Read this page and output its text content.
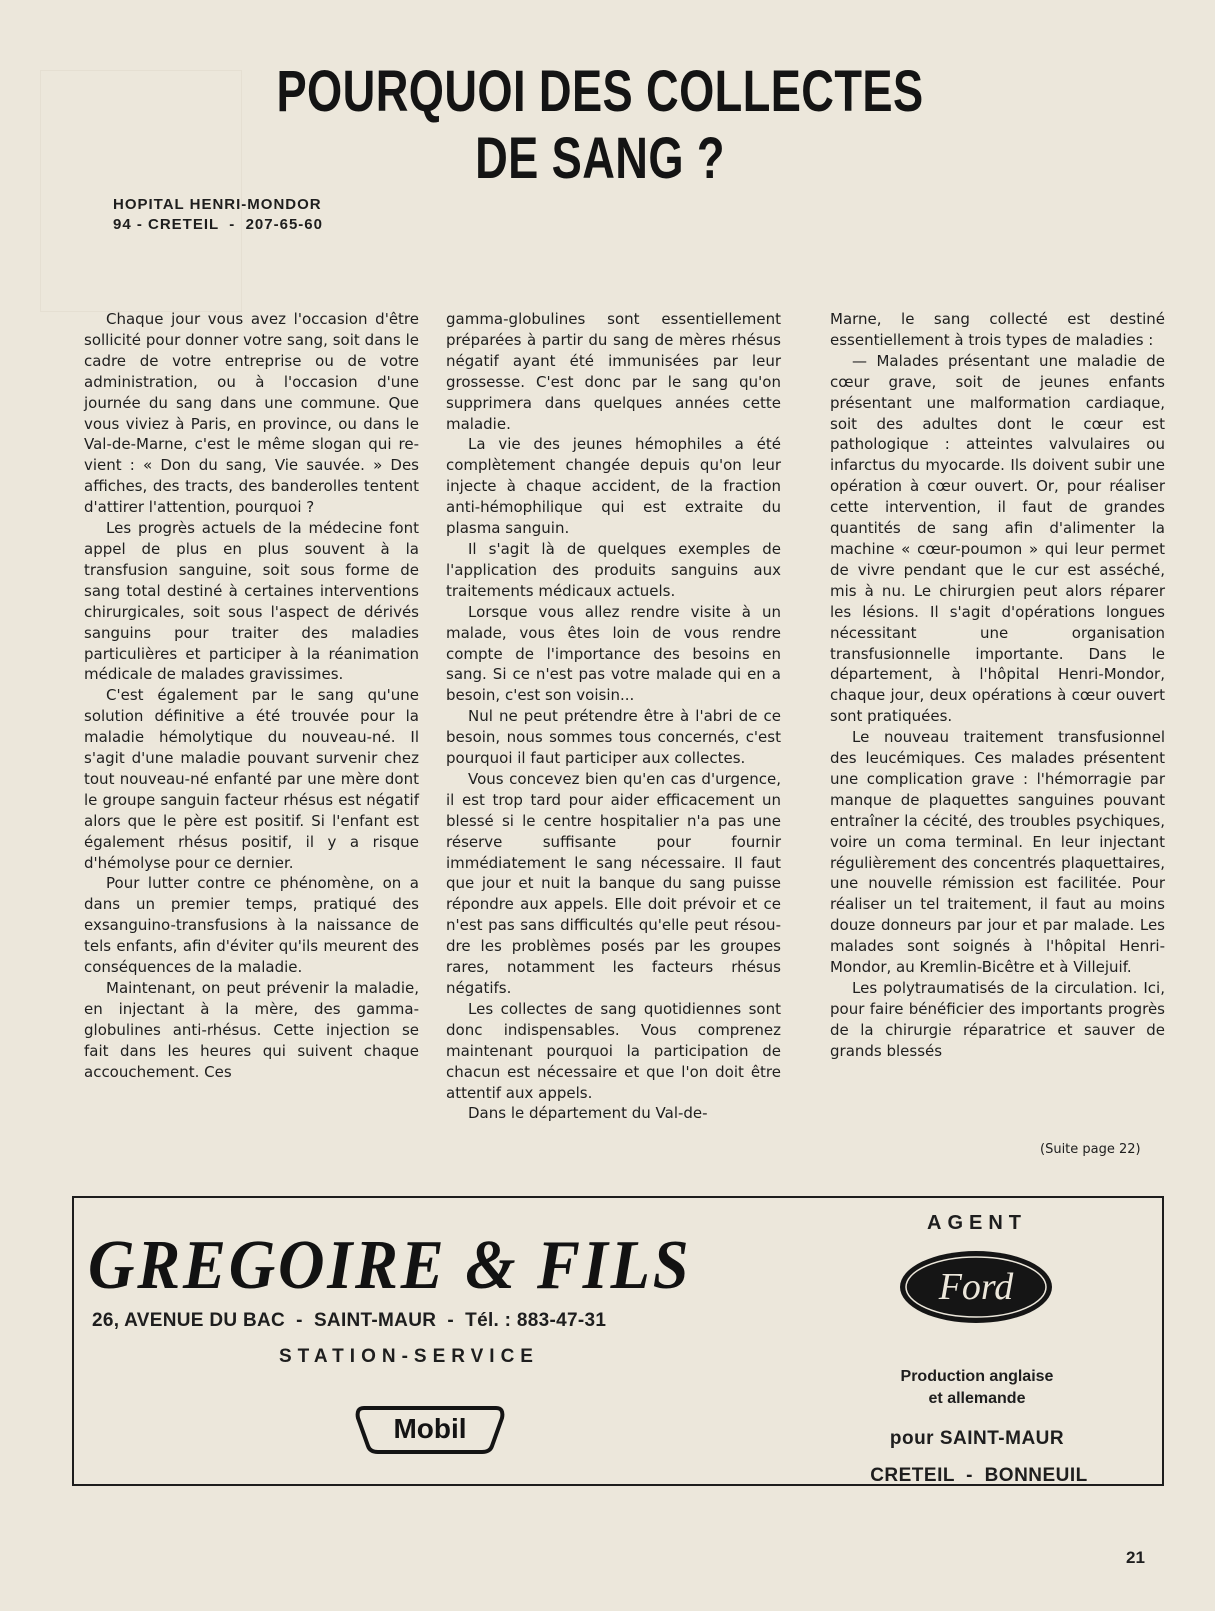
POURQUOI DES COLLECTES DE SANG ?
HOPITAL HENRI-MONDOR
94 - CRETEIL  -  207-65-60

Chaque jour vous avez l'occasion d'être sollicité pour donner votre sang, soit dans le cadre de votre entreprise ou de votre administration, ou à l'occasion d'une journée du sang dans une commune. Que vous viviez à Paris, en province, ou dans le Val-de-Marne, c'est le même slogan qui revient : « Don du sang, Vie sauvée. » Des affiches, des tracts, des banderolles tentent d'attirer l'attention, pourquoi ?

Les progrès actuels de la médecine font appel de plus en plus souvent à la transfusion sanguine, soit sous forme de sang total destiné à certaines interventions chirurgicales, soit sous l'aspect de dérivés sanguins pour traiter des maladies particulières et participer à la réanimation médicale de malades gravissimes.

C'est également par le sang qu'une solution définitive a été trouvée pour la maladie hémolytique du nouveau-né. Il s'agit d'une maladie pouvant survenir chez tout nouveau-né enfanté par une mère dont le groupe sanguin facteur rhésus est négatif alors que le père est positif. Si l'enfant est également rhésus positif, il y a risque d'hémolyse pour ce dernier.

Pour lutter contre ce phénomène, on a dans un premier temps, pratiqué des exsanguino-transfusions à la naissance de tels enfants, afin d'éviter qu'ils meurent des conséquences de la maladie.

Maintenant, on peut prévenir la maladie, en injectant à la mère, des gamma-globulines anti-rhésus. Cette injection se fait dans les heures qui suivent chaque accouchement. Ces

gamma-globulines sont essentiellement préparées à partir du sang de mères rhésus négatif ayant été immunisées par leur grossesse. C'est donc par le sang qu'on supprimera dans quelques années cette maladie.

La vie des jeunes hémophiles a été complètement changée depuis qu'on leur injecte à chaque accident, de la fraction anti-hémophilique qui est extraite du plasma sanguin.

Il s'agit là de quelques exemples de l'application des produits sanguins aux traitements médicaux actuels.

Lorsque vous allez rendre visite à un malade, vous êtes loin de vous rendre compte de l'importance des besoins en sang. Si ce n'est pas votre malade qui en a besoin, c'est son voisin...

Nul ne peut prétendre être à l'abri de ce besoin, nous sommes tous concernés, c'est pourquoi il faut participer aux collectes.

Vous concevez bien qu'en cas d'urgence, il est trop tard pour aider efficacement un blessé si le centre hospitalier n'a pas une réserve suffisante pour fournir immédiatement le sang nécessaire. Il faut que jour et nuit la banque du sang puisse répondre aux appels. Elle doit prévoir et ce n'est pas sans difficultés qu'elle peut résoudre les problèmes posés par les groupes rares, notamment les facteurs rhésus négatifs.

Les collectes de sang quotidiennes sont donc indispensables. Vous comprenez maintenant pourquoi la participation de chacun est nécessaire et que l'on doit être attentif aux appels.

Dans le département du Val-de-

Marne, le sang collecté est destiné essentiellement à trois types de maladies :

— Malades présentant une maladie de cœur grave, soit de jeunes enfants présentant une malformation cardiaque, soit des adultes dont le cœur est pathologique : atteintes valvulaires ou infarctus du myocarde. Ils doivent subir une opération à cœur ouvert. Or, pour réaliser cette intervention, il faut de grandes quantités de sang afin d'alimenter la machine « cœur-poumon » qui leur permet de vivre pendant que le cur est asséché, mis à nu. Le chirurgien peut alors réparer les lésions. Il s'agit d'opérations longues nécessitant une organisation transfusionnelle importante. Dans le département, à l'hôpital Henri-Mondor, chaque jour, deux opérations à cœur ouvert sont pratiquées.

Le nouveau traitement transfusionnel des leucémiques. Ces malades présentent une complication grave : l'hémorragie par manque de plaquettes sanguines pouvant entraîner la cécité, des troubles psychiques, voire un coma terminal. En leur injectant régulièrement des concentrés plaquettaires, une nouvelle rémission est facilitée. Pour réaliser un tel traitement, il faut au moins douze donneurs par jour et par malade. Les malades sont soignés à l'hôpital Henri-Mondor, au Kremlin-Bicêtre et à Villejuif.

Les polytraumatisés de la circulation. Ici, pour faire bénéficier des importants progrès de la chirurgie réparatrice et sauver de grands blessés

(Suite page 22)
GREGOIRE & FILS
26, AVENUE DU BAC  -  SAINT-MAUR  -  Tél. : 883-47-31
STATION-SERVICE
Mobil
AGENT
Ford
Production anglaise
et allemande
pour SAINT-MAUR
CRETEIL  -  BONNEUIL
21
